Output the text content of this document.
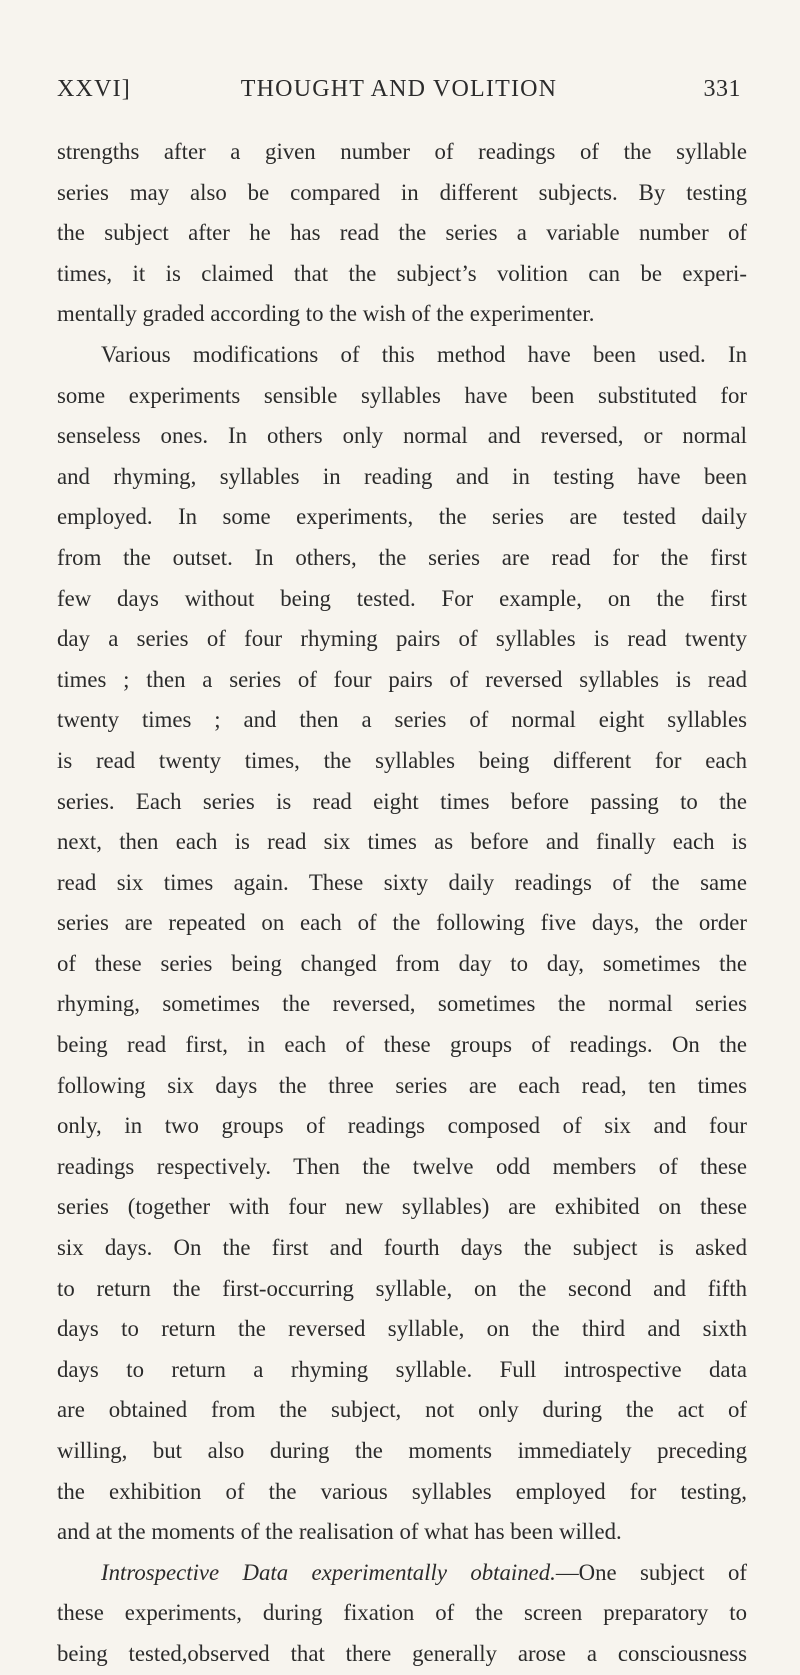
XXVI]	THOUGHT AND VOLITION	331
strengths after a given number of readings of the syllable
series may also be compared in different subjects. By testing
the subject after he has read the series a variable number of
times, it is claimed that the subject’s volition can be experi-
mentally graded according to the wish of the experimenter.
Various modifications of this method have been used. In
some experiments sensible syllables have been substituted for
senseless ones. In others only normal and reversed, or normal
and rhyming, syllables in reading and in testing have been
employed. In some experiments, the series are tested daily
from the outset. In others, the series are read for the first
few days without being tested. For example, on the first
day a series of four rhyming pairs of syllables is read twenty
times ; then a series of four pairs of reversed syllables is read
twenty times ; and then a series of normal eight syllables
is read twenty times, the syllables being different for each
series. Each series is read eight times before passing to the
next, then each is read six times as before and finally each is
read six times again. These sixty daily readings of the same
series are repeated on each of the following five days, the order
of these series being changed from day to day, sometimes the
rhyming, sometimes the reversed, sometimes the normal series
being read first, in each of these groups of readings. On the
following six days the three series are each read, ten times
only, in two groups of readings composed of six and four
readings respectively. Then the twelve odd members of these
series (together with four new syllables) are exhibited on these
six days. On the first and fourth days the subject is asked
to return the first-occurring syllable, on the second and fifth
days to return the reversed syllable, on the third and sixth
days to return a rhyming syllable. Full introspective data
are obtained from the subject, not only during the act of
willing, but also during the moments immediately preceding
the exhibition of the various syllables employed for testing,
and at the moments of the realisation of what has been willed.
Introspective Data experimentally obtained.—One subject of
these experiments, during fixation of the screen preparatory to
being tested,observed that there generally arose a consciousness
